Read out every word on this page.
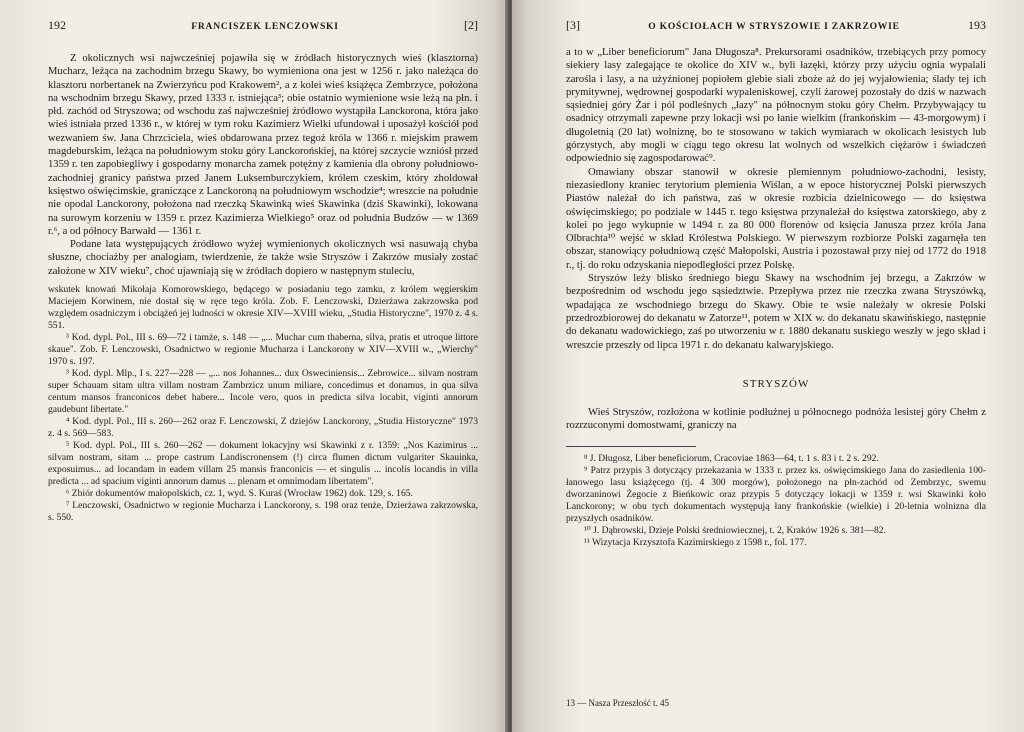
192	FRANCISZEK LENCZOWSKI	[2]

Z okolicznych wsi najwcześniej pojawiła się w źródłach historycznych wieś (klasztorna) Mucharz, leżąca na zachodnim brzegu Skawy, bo wymieniona ona jest w 1256 r. jako należąca do klasztoru norbertanek na Zwierzyńcu pod Krakowem², a z kolei wieś książęca Zembrzyce, położona na wschodnim brzegu Skawy, przed 1333 r. istniejąca³; obie ostatnio wymienione wsie leżą na płn. i płd. zachód od Stryszowa; od wschodu zaś najwcześniej źródłowo wystąpiła Lanckorona, która jako wieś istniała przed 1336 r., w której w tym roku Kazimierz Wielki ufundował i uposażył kościół pod wezwaniem św. Jana Chrzciciela, wieś obdarowana przez tegoż króla w 1366 r. miejskim prawem magdeburskim, leżąca na południowym stoku góry Lanckorońskiej, na której szczycie wzniósł przed 1359 r. ten zapobiegliwy i gospodarny monarcha zamek potężny z kamienia dla obrony południowo-zachodniej granicy państwa przed Janem Luksemburczykiem, królem czeskim, który zholdował księstwo oświęcimskie, graniczące z Lanckoroną na południowym wschodzie⁴; wreszcie na południe nie opodal Lanckorony, położona nad rzeczką Skawinką wieś Skawinka (dziś Skawinki), lokowana na surowym korzeniu w 1359 r. przez Kazimierza Wielkiego⁵ oraz od południa Budzów — w 1369 r.⁶, a od północy Barwałd — 1361 r.

Podane lata występujących źródłowo wyżej wymienionych okolicznych wsi nasuwają chyba słuszne, chociażby per analogiam, twierdzenie, że także wsie Stryszów i Zakrzów musiały zostać założone w XIV wieku⁷, choć ujawniają się w źródłach dopiero w następnym stuleciu,

wskutek knowań Mikołaja Komorowskiego, będącego w posiadaniu tego zamku, z królem węgierskim Maciejem Korwinem, nie dostał się w ręce tego króla. Zob. F. Lenczowski, Dzierżawa zakrzowska pod względem osadniczym i obciążeń jej ludności w okresie XIV—XVIII wieku, „Studia Historyczne", 1970 z. 4 s. 551.

³ Kod. dypl. Pol., III s. 69—72 i tamże, s. 148 — „... Muchar cum thaberna, silva, pratis et utroque littore skaue". Zob. F. Lenczowski, Osadnictwo w regionie Mucharza i Lanckorony w XIV—XVIII w., „Wierchy" 1970 s. 197.

³ Kod. dypl. Mlp., I s. 227—228 — „... nos Johannes... dux Osweciniensis... Zebrowice... silvam nostram super Schauam sitam ultra villam nostram Zambrzicz unum miliare, concedimus et donamus, in qua silva centum mansos franconicos debet habere... Incole vero, quos in predicta silva locabit, viginti annorum gaudebunt libertate."

⁴ Kod. dypl. Pol., III s. 260—262 oraz F. Lenczowski, Z dziejów Lanckorony, „Studia Historyczne" 1973 z. 4 s. 569—583.

⁵ Kod. dypl. Pol., III s. 260—262 — dokument lokacyjny wsi Skawinki z r. 1359: „Nos Kazimirus ... silvam nostram, sitam ... prope castrum Landiscronensem (!) circa flumen dictum vulgariter Skauinka, exposuimus... ad locandam in eadem villam 25 mansis franconicis — et singulis ... incolis locandis in villa predicta ... ad spacium viginti annorum damus ... plenam et omnimodam libertatem".

⁶ Zbiór dokumentów małopolskich, cz. 1, wyd. S. Kuraś (Wrocław 1962) dok. 129, s. 165.

⁷ Lenczowski, Osadnictwo w regionie Mucharza i Lanckorony, s. 198 oraz tenże, Dzierżawa zakrzowska, s. 550.

[3]	O KOŚCIOŁACH W STRYSZOWIE I ZAKRZOWIE	193

a to w „Liber beneficiorum" Jana Długosza⁸. Prekursorami osadników, trzebiących przy pomocy siekiery lasy zalegające te okolice do XIV w., byli łazęki, którzy przy użyciu ognia wypalali zarośla i lasy, a na użyźnionej popiołem glebie siali zboże aż do jej wyjałowienia; ślady tej ich prymitywnej, wędrownej gospodarki wypaleniskowej, czyli żarowej pozostały do dziś w nazwach sąsiedniej góry Żar i pól podleśnych „łazy" na północnym stoku góry Chełm. Przybywający tu osadnicy otrzymali zapewne przy lokacji wsi po łanie wielkim (frankońskim — 43-morgowym) i długoletnią (20 lat) wolniznę, bo te stosowano w takich wymiarach w okolicach lesistych lub górzystych, aby mogli w ciągu tego okresu lat wolnych od wszelkich ciężarów i świadczeń odpowiednio się zagospodarować⁹.

Omawiany obszar stanowił w okresie plemiennym południowo-zachodni, lesisty, niezasiedlony kraniec terytorium plemienia Wiślan, a w epoce historycznej Polski pierwszych Piastów należał do ich państwa, zaś w okresie rozbicia dzielnicowego — do księstwa oświęcimskiego; po podziale w 1445 r. tego księstwa przynależał do księstwa zatorskiego, aby z kolei po jego wykupnie w 1494 r. za 80 000 florenów od księcia Janusza przez króla Jana Olbrachta¹⁰ wejść w skład Królestwa Polskiego. W pierwszym rozbiorze Polski zagarnęła ten obszar, stanowiący południową część Małopolski, Austria i pozostawał przy niej od 1772 do 1918 r., tj. do roku odzyskania niepodległości przez Polskę.

Stryszów leży blisko średniego biegu Skawy na wschodnim jej brzegu, a Zakrzów w bezpośrednim od wschodu jego sąsiedztwie. Przepływa przez nie rzeczka zwana Stryszówką, wpadająca ze wschodniego brzegu do Skawy. Obie te wsie należały w okresie Polski przedrozbiorowej do dekanatu w Zatorze¹¹, potem w XIX w. do dekanatu skawińskiego, następnie do dekanatu wadowickiego, zaś po utworzeniu w r. 1880 dekanatu suskiego weszły w jego skład i wreszcie przeszły od lipca 1971 r. do dekanatu kalwaryjskiego.

STRYSZÓW

Wieś Stryszów, rozłożona w kotlinie podłużnej u północnego podnóża lesistej góry Chełm z rozrzuconymi domostwami, graniczy na

⁸ J. Długosz, Liber beneficiorum, Cracoviae 1863—64, t. 1 s. 83 i t. 2 s. 292.

⁹ Patrz przypis 3 dotyczący przekazania w 1333 r. przez ks. oświęcimskiego Jana do zasiedlenia 100-łanowego lasu książęcego (tj. 4 300 morgów), położonego na płn-zachód od Zembrzyc, swemu dworzaninowi Żegocie z Bieńkowic oraz przypis 5 dotyczący lokacji w 1359 r. wsi Skawinki koło Lanckorony; w obu tych dokumentach występują łany frankońskie (wielkie) i 20-letnia wolnizna dla przyszłych osadników.

¹⁰ J. Dąbrowski, Dzieje Polski średniowiecznej, t. 2, Kraków 1926 s. 381—82.

¹¹ Wizytacja Krzysztofa Kazimirskiego z 1598 r., fol. 177.

13 — Nasza Przeszłość t. 45
